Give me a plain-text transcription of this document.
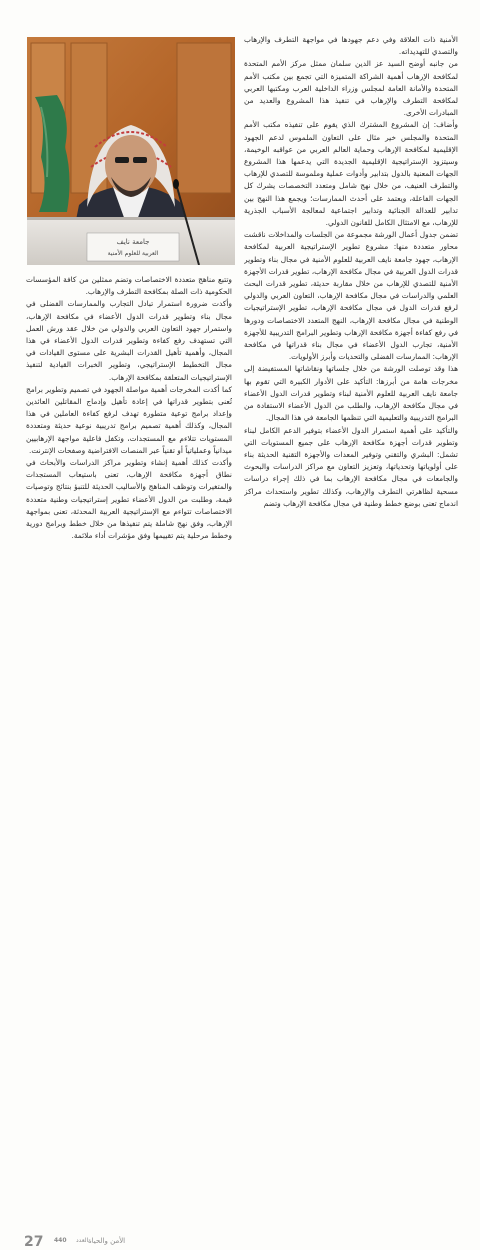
جامعة نايف
العربية للعلوم الأمنية

الأمنية ذات العلاقة وفي دعم جهودها في مواجهة التطرف والإرهاب والتصدي للتهديداته.

من جانبه أوضح السيد عز الدين سلمان ممثل مركز الأمم المتحدة لمكافحة الإرهاب أهمية الشراكة المتميزة التي تجمع بين مكتب الأمم المتحدة والأمانة العامة لمجلس وزراء الداخلية العرب ومكتبها العربي لمكافحة التطرف والإرهاب في تنفيذ هذا المشروع والعديد من المبادرات الأخرى.

وأضاف: إن المشروع المشترك الذي يقوم على تنفيذه مكتب الأمم المتحدة والمجلس خير مثال على التعاون الملموس لدعم الجهود الإقليمية لمكافحة الإرهاب وحماية العالم العربي من عواقبه الوخيمة، وسيتزود الإستراتيجية الإقليمية الجديدة التي يدعمها هذا المشروع الجهات المعنية بالدول بتدابير وأدوات عملية وملموسة للتصدي للإرهاب والتطرف العنيف، من خلال نهج شامل ومتعدد التخصصات يشرك كل الجهات الفاعلة، ويعتمد على أحدث الممارسات؛ ويجمع هذا النهج بين تدابير للعدالة الجنائية وتدابير اجتماعية لمعالجة الأسباب الجذرية للإرهاب، مع الامتثال الكامل للقانون الدولي.

تضمن جدول أعمال الورشة مجموعة من الجلسات والمداخلات ناقشت محاور متعددة منها: مشروع تطوير الإستراتيجية العربية لمكافحة الإرهاب، جهود جامعة نايف العربية للعلوم الأمنية في مجال بناء وتطوير قدرات الدول العربية في مجال مكافحة الإرهاب، تطوير قدرات الأجهزة الأمنية للتصدي للإرهاب من خلال مقاربة حديثة، تطوير قدرات البحث العلمي والدراسات في مجال مكافحة الإرهاب، التعاون العربي والدولي لرفع قدرات الدول في مجال مكافحة الإرهاب، تطوير الإستراتيجيات الوطنية في مجال مكافحة الإرهاب، النهج المتعدد الاختصاصات ودورها في رفع كفاءة أجهزة مكافحة الإرهاب وتطوير البرامج التدريبية للأجهزة الأمنية، تجارب الدول الأعضاء في مجال بناء قدراتها في مكافحة الإرهاب: الممارسات الفضلى والتحديات وأبرز الأولويات.

هذا وقد توصلت الورشة من خلال جلساتها ونقاشاتها المستفيضة إلى مخرجات هامة من أبرزها: التأكيد على الأدوار الكبيرة التي تقوم بها جامعة نايف العربية للعلوم الأمنية لبناء وتطوير قدرات الدول الأعضاء في مجال مكافحة الإرهاب، والطلب من الدول الأعضاء الاستفادة من البرامج التدريبية والتعليمية التي تنظمها الجامعة في هذا المجال.

والتأكيد على أهمية استمرار الدول الأعضاء بتوفير الدعم الكامل لبناء وتطوير قدرات أجهزة مكافحة الإرهاب على جميع المستويات التي تشمل: البشري والتقني وتوفير المعدات والأجهزة التقنية الحديثة بناء على أولوياتها وتحدياتها، وتعزيز التعاون مع مراكز الدراسات والبحوث والجامعات في مجال مكافحة الإرهاب بما في ذلك إجراء دراسات مسحية لظاهرتي التطرف والإرهاب، وكذلك تطوير واستحداث مراكز اندماج تعنى بوضع خطط وطنية في مجال مكافحة الإرهاب وتضم

وتتبع مناهج متعددة الاختصاصات وتضم ممثلين من كافة المؤسسات الحكومية ذات الصلة بمكافحة التطرف والإرهاب.

وأكدت ضرورة استمرار تبادل التجارب والممارسات الفضلى في مجال بناء وتطوير قدرات الدول الأعضاء في مكافحة الإرهاب، واستمرار جهود التعاون العربي والدولي من خلال عقد ورش العمل التي تستهدف رفع كفاءة وتطوير قدرات الدول الأعضاء في هذا المجال، وأهمية تأهيل القدرات البشرية على مستوى القيادات في مجال التخطيط الإستراتيجي، وتطوير الخبرات القيادية لتنفيذ الإستراتيجيات المتعلقة بمكافحة الإرهاب.

كما أكدت المخرجات أهمية مواصلة الجهود في تصميم وتطوير برامج تُعنى بتطوير قدراتها في إعادة تأهيل وإدماج المقاتلين العائدين وإعداد برامج توعية متطورة تهدف لرفع كفاءة العاملين في هذا المجال، وكذلك أهمية تصميم برامج تدريبية نوعية حديثة ومتعددة المستويات تتلاءم مع المستجدات، وتكفل فاعلية مواجهة الإرهابيين ميدانياً وعملياتياً أو تقنياً عبر المنصات الافتراضية وصفحات الإنترنت.

وأكدت كذلك أهمية إنشاء وتطوير مراكز الدراسات والأبحاث في نطاق أجهزة مكافحة الإرهاب، تعنى باستيعاب المستجدات والمتغيرات وتوظف المناهج والأساليب الحديثة للتنبؤ بنتائج وتوصيات قيمة، وطلبت من الدول الأعضاء تطوير إستراتيجيات وطنية متعددة الاختصاصات تتواءم مع الإستراتيجية العربية المحدثة، تعنى بمواجهة الإرهاب، وفق نهج شاملة يتم تنفيذها من خلال خطط وبرامج دورية وخطط مرحلية يتم تقييمها وفق مؤشرات أداء ملائمة.

27 440 العدد الأمن والحياة
